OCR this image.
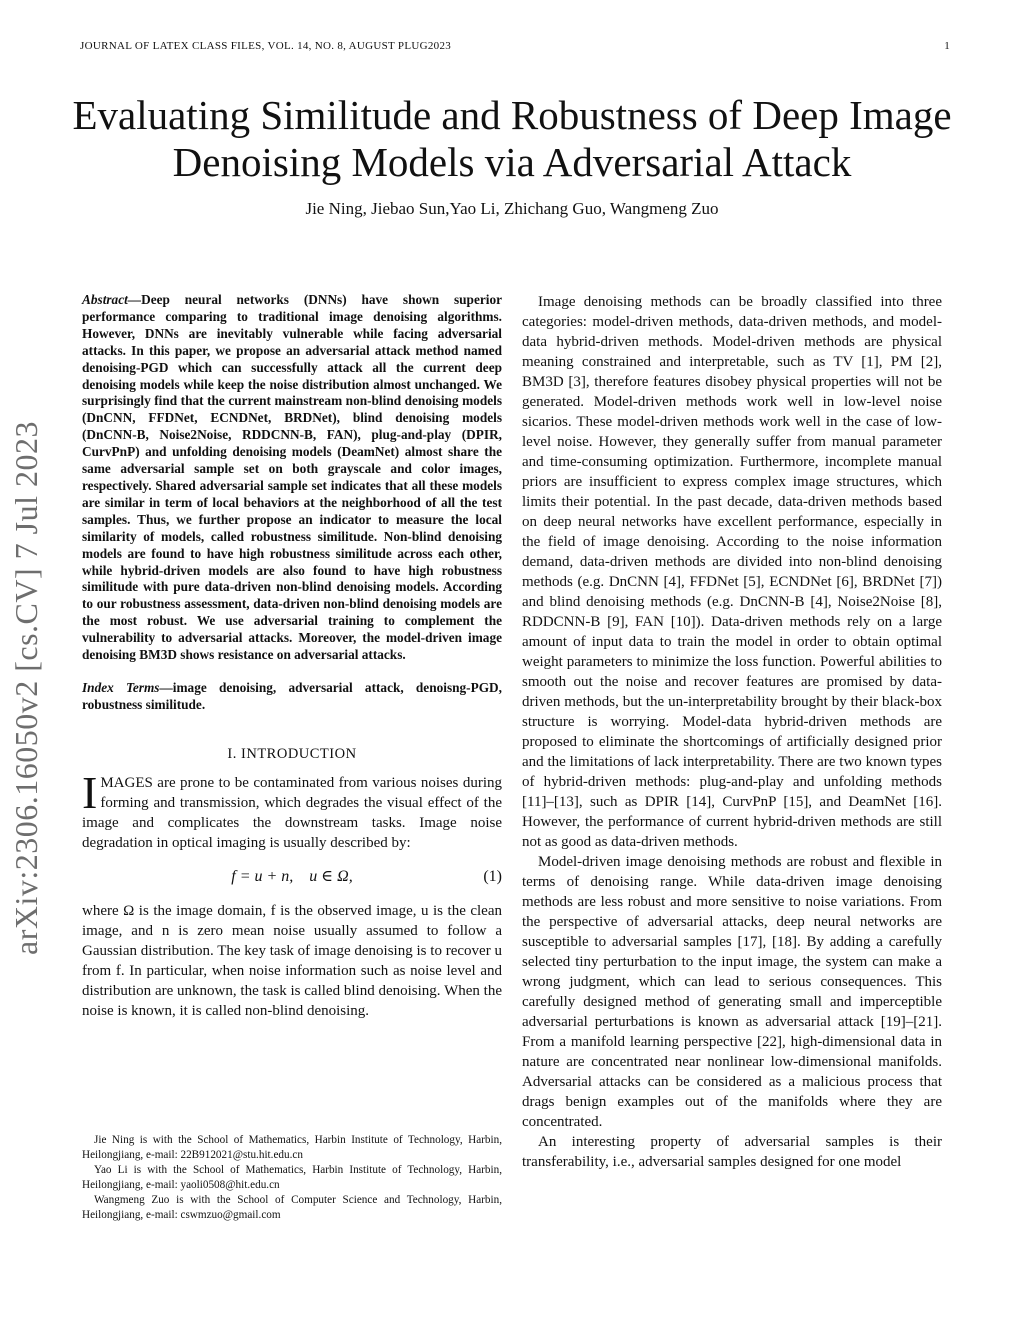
JOURNAL OF LATEX CLASS FILES, VOL. 14, NO. 8, AUGUST PLUG2023	1
arXiv:2306.16050v2 [cs.CV] 7 Jul 2023
Evaluating Similitude and Robustness of Deep Image Denoising Models via Adversarial Attack
Jie Ning, Jiebao Sun,Yao Li, Zhichang Guo, Wangmeng Zuo

Abstract—Deep neural networks (DNNs) have shown superior performance comparing to traditional image denoising algorithms. However, DNNs are inevitably vulnerable while facing adversarial attacks. In this paper, we propose an adversarial attack method named denoising-PGD which can successfully attack all the current deep denoising models while keep the noise distribution almost unchanged. We surprisingly find that the current mainstream non-blind denoising models (DnCNN, FFDNet, ECNDNet, BRDNet), blind denoising models (DnCNN-B, Noise2Noise, RDDCNN-B, FAN), plug-and-play (DPIR, CurvPnP) and unfolding denoising models (DeamNet) almost share the same adversarial sample set on both grayscale and color images, respectively. Shared adversarial sample set indicates that all these models are similar in term of local behaviors at the neighborhood of all the test samples. Thus, we further propose an indicator to measure the local similarity of models, called robustness similitude. Non-blind denoising models are found to have high robustness similitude across each other, while hybrid-driven models are also found to have high robustness similitude with pure data-driven non-blind denoising models. According to our robustness assessment, data-driven non-blind denoising models are the most robust. We use adversarial training to complement the vulnerability to adversarial attacks. Moreover, the model-driven image denoising BM3D shows resistance on adversarial attacks.

Index Terms—image denoising, adversarial attack, denoisng-PGD, robustness similitude.

I. INTRODUCTION

IMAGES are prone to be contaminated from various noises during forming and transmission, which degrades the visual effect of the image and complicates the downstream tasks. Image noise degradation in optical imaging is usually described by:

f = u + n,    u ∈ Ω,	(1)

where Ω is the image domain, f is the observed image, u is the clean image, and n is zero mean noise usually assumed to follow a Gaussian distribution. The key task of image denoising is to recover u from f. In particular, when noise information such as noise level and distribution are unknown, the task is called blind denoising. When the noise is known, it is called non-blind denoising.

Jie Ning is with the School of Mathematics, Harbin Institute of Technology, Harbin, Heilongjiang, e-mail: 22B912021@stu.hit.edu.cn

Yao Li is with the School of Mathematics, Harbin Institute of Technology, Harbin, Heilongjiang, e-mail: yaoli0508@hit.edu.cn

Wangmeng Zuo is with the School of Computer Science and Technology, Harbin, Heilongjiang, e-mail: cswmzuo@gmail.com

Image denoising methods can be broadly classified into three categories: model-driven methods, data-driven methods, and model-data hybrid-driven methods. Model-driven methods are physical meaning constrained and interpretable, such as TV [1], PM [2], BM3D [3], therefore features disobey physical properties will not be generated. Model-driven methods work well in low-level noise sicarios. These model-driven methods work well in the case of low-level noise. However, they generally suffer from manual parameter and time-consuming optimization. Furthermore, incomplete manual priors are insufficient to express complex image structures, which limits their potential. In the past decade, data-driven methods based on deep neural networks have excellent performance, especially in the field of image denoising. According to the noise information demand, data-driven methods are divided into non-blind denoising methods (e.g. DnCNN [4], FFDNet [5], ECNDNet [6], BRDNet [7]) and blind denoising methods (e.g. DnCNN-B [4], Noise2Noise [8], RDDCNN-B [9], FAN [10]). Data-driven methods rely on a large amount of input data to train the model in order to obtain optimal weight parameters to minimize the loss function. Powerful abilities to smooth out the noise and recover features are promised by data-driven methods, but the un-interpretability brought by their black-box structure is worrying. Model-data hybrid-driven methods are proposed to eliminate the shortcomings of artificially designed prior and the limitations of lack interpretability. There are two known types of hybrid-driven methods: plug-and-play and unfolding methods [11]–[13], such as DPIR [14], CurvPnP [15], and DeamNet [16]. However, the performance of current hybrid-driven methods are still not as good as data-driven methods.

Model-driven image denoising methods are robust and flexible in terms of denoising range. While data-driven image denoising methods are less robust and more sensitive to noise variations. From the perspective of adversarial attacks, deep neural networks are susceptible to adversarial samples [17], [18]. By adding a carefully selected tiny perturbation to the input image, the system can make a wrong judgment, which can lead to serious consequences. This carefully designed method of generating small and imperceptible adversarial perturbations is known as adversarial attack [19]–[21]. From a manifold learning perspective [22], high-dimensional data in nature are concentrated near nonlinear low-dimensional manifolds. Adversarial attacks can be considered as a malicious process that drags benign examples out of the manifolds where they are concentrated.

An interesting property of adversarial samples is their transferability, i.e., adversarial samples designed for one model
